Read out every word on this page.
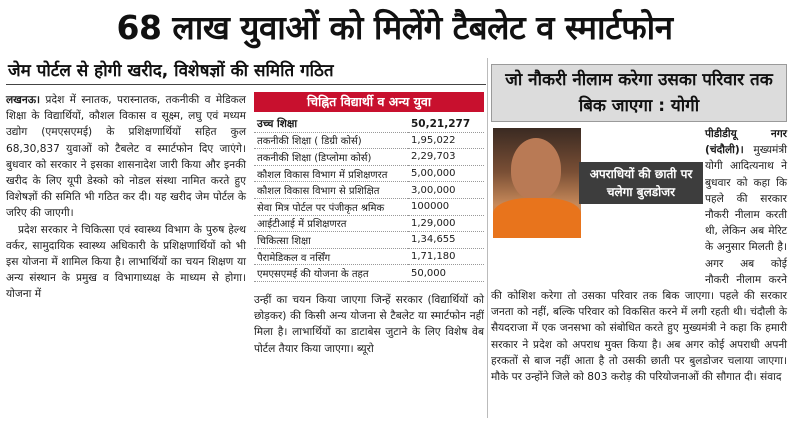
68 लाख युवाओं को मिलेंगे टैबलेट व स्मार्टफोन
जेम पोर्टल से होगी खरीद, विशेषज्ञों की समिति गठित

लखनऊ। प्रदेश में स्नातक, परास्नातक, तकनीकी व मेडिकल शिक्षा के विद्यार्थियों, कौशल विकास व सूक्ष्म, लघु एवं मध्यम उद्योग (एमएसएमई) के प्रशिक्षणार्थियों सहित कुल 68,30,837 युवाओं को टैबलेट व स्मार्टफोन दिए जाएंगे। बुधवार को सरकार ने इसका शासनादेश जारी किया और इनकी खरीद के लिए यूपी डेस्को को नोडल संस्था नामित करते हुए विशेषज्ञों की समिति भी गठित कर दी। यह खरीद जेम पोर्टल के जरिए की जाएगी।

प्रदेश सरकार ने चिकित्सा एवं स्वास्थ्य विभाग के पुरुष हेल्थ वर्कर, सामुदायिक स्वास्थ्य अधिकारी के प्रशिक्षणार्थियों को भी इस योजना में शामिल किया है। लाभार्थियों का चयन शिक्षण या अन्य संस्थान के प्रमुख व विभागाध्यक्ष के माध्यम से होगा। योजना में

चिह्नित विद्यार्थी व अन्य युवा
उच्च शिक्षा	50,21,277
तकनीकी शिक्षा ( डिग्री कोर्स)	1,95,022
तकनीकी शिक्षा (डिप्लोमा कोर्स)	2,29,703
कौशल विकास विभाग में प्रशिक्षणरत	5,00,000
कौशल विकास विभाग से प्रशिक्षित	3,00,000
सेवा मित्र पोर्टल पर पंजीकृत श्रमिक	100000
आईटीआई में प्रशिक्षणरत	1,29,000
चिकित्सा शिक्षा	1,34,655
पैरामेडिकल व नर्सिंग	1,71,180
एमएसएमई की योजना के तहत	50,000
उन्हीं का चयन किया जाएगा जिन्हें सरकार (विद्यार्थियों को छोड़कर) की किसी अन्य योजना से टैबलेट या स्मार्टफोन नहीं मिला है। लाभार्थियों का डाटाबेस जुटाने के लिए विशेष वेब पोर्टल तैयार किया जाएगा। ब्यूरो
जो नौकरी नीलाम करेगा उसका परिवार तक बिक जाएगा : योगी
अपराधियों की छाती पर चलेगा बुलडोजर
पीडीडीयू नगर (चंदौली)। मुख्यमंत्री योगी आदित्यनाथ ने बुधवार को कहा कि पहले की सरकार नौकरी नीलाम करती थी, लेकिन अब मेरिट के अनुसार मिलती है। अगर अब कोई नौकरी नीलाम करने की कोशिश करेगा तो उसका परिवार तक बिक जाएगा। पहले की सरकार जनता को नहीं, बल्कि परिवार को विकसित करने में लगी रहती थी। चंदौली के सैयदराजा में एक जनसभा को संबोधित करते हुए मुख्यमंत्री ने कहा कि हमारी सरकार ने प्रदेश को अपराध मुक्त किया है। अब अगर कोई अपराधी अपनी हरकतों से बाज नहीं आता है तो उसकी छाती पर बुलडोजर चलाया जाएगा। मौके पर उन्होंने जिले को 803 करोड़ की परियोजनाओं की सौगात दी। संवाद
